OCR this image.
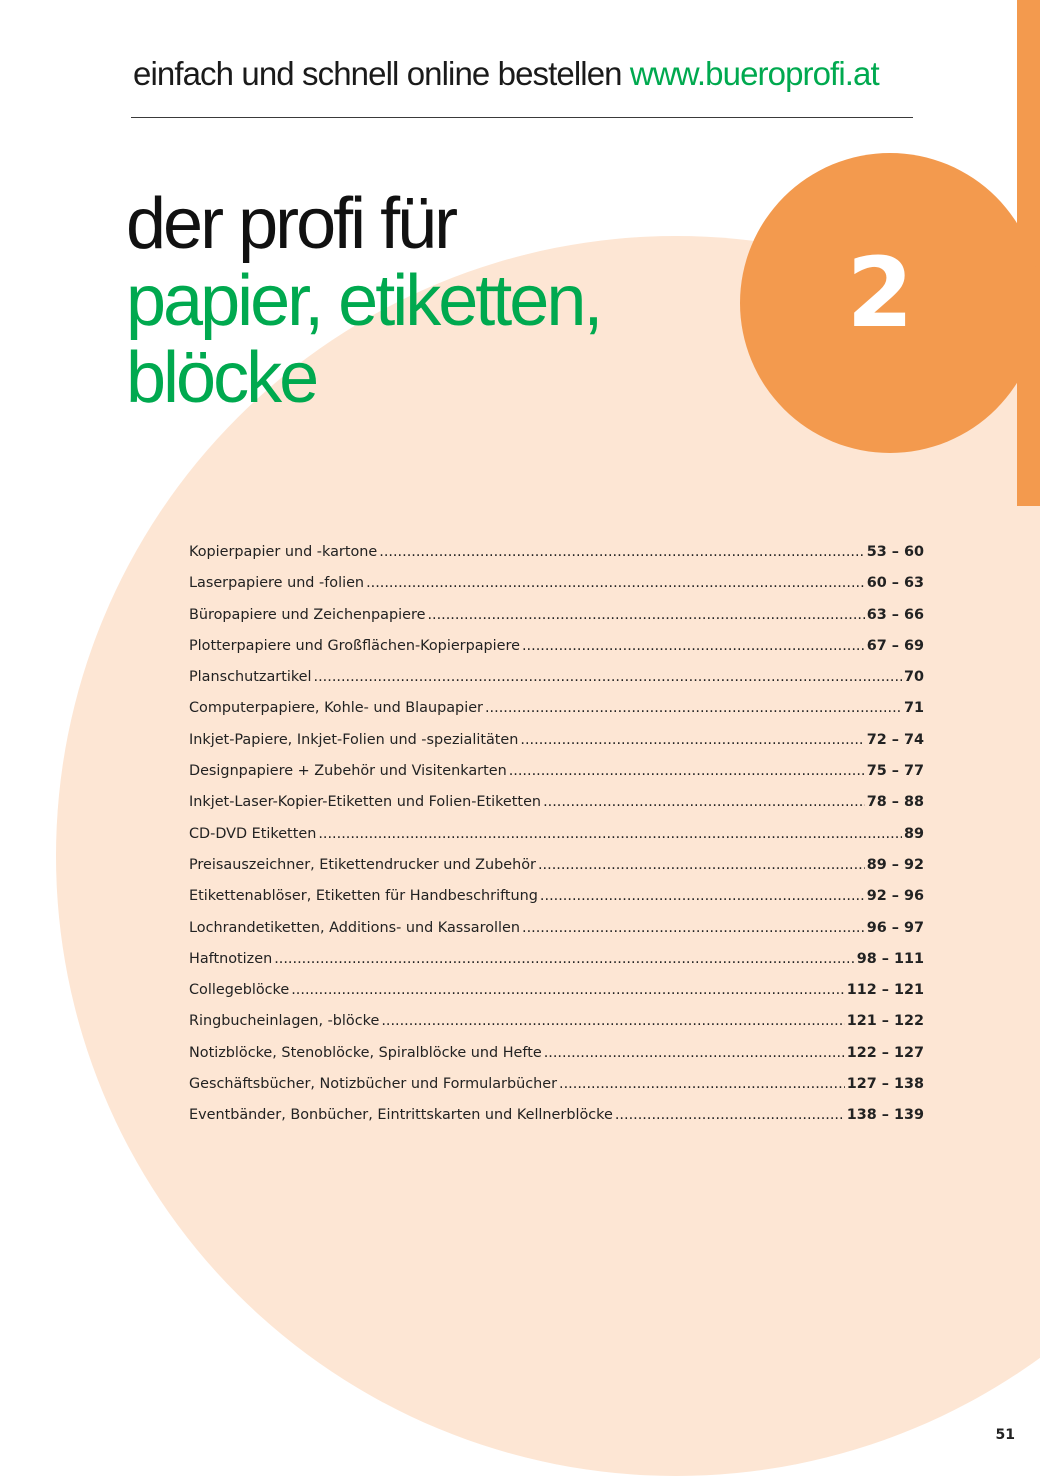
2
einfach und schnell online bestellen www.bueroprofi.at
der profi für
papier, etiketten,
blöcke
Kopierpapier und -kartone .....	53 – 60
Laserpapiere und -folien .....	60 – 63
Büropapiere und Zeichenpapiere .....	63 – 66
Plotterpapiere und Großflächen-Kopierpapiere .....	67 – 69
Planschutzartikel .....	70
Computerpapiere, Kohle- und Blaupapier .....	71
Inkjet-Papiere, Inkjet-Folien und -spezialitäten .....	72 – 74
Designpapiere + Zubehör und Visitenkarten .....	75 – 77
Inkjet-Laser-Kopier-Etiketten und Folien-Etiketten .....	78 – 88
CD-DVD Etiketten .....	89
Preisauszeichner, Etikettendrucker und Zubehör .....	89 – 92
Etikettenablöser, Etiketten für Handbeschriftung .....	92 – 96
Lochrandetiketten, Additions- und Kassarollen .....	96 – 97
Haftnotizen .....	98 – 111
Collegeblöcke .....	112 – 121
Ringbucheinlagen, -blöcke .....	121 – 122
Notizblöcke, Stenoblöcke, Spiralblöcke und Hefte .....	122 – 127
Geschäftsbücher, Notizbücher und Formularbücher .....	127 – 138
Eventbänder, Bonbücher, Eintrittskarten und Kellnerblöcke .....	138 – 139
51
